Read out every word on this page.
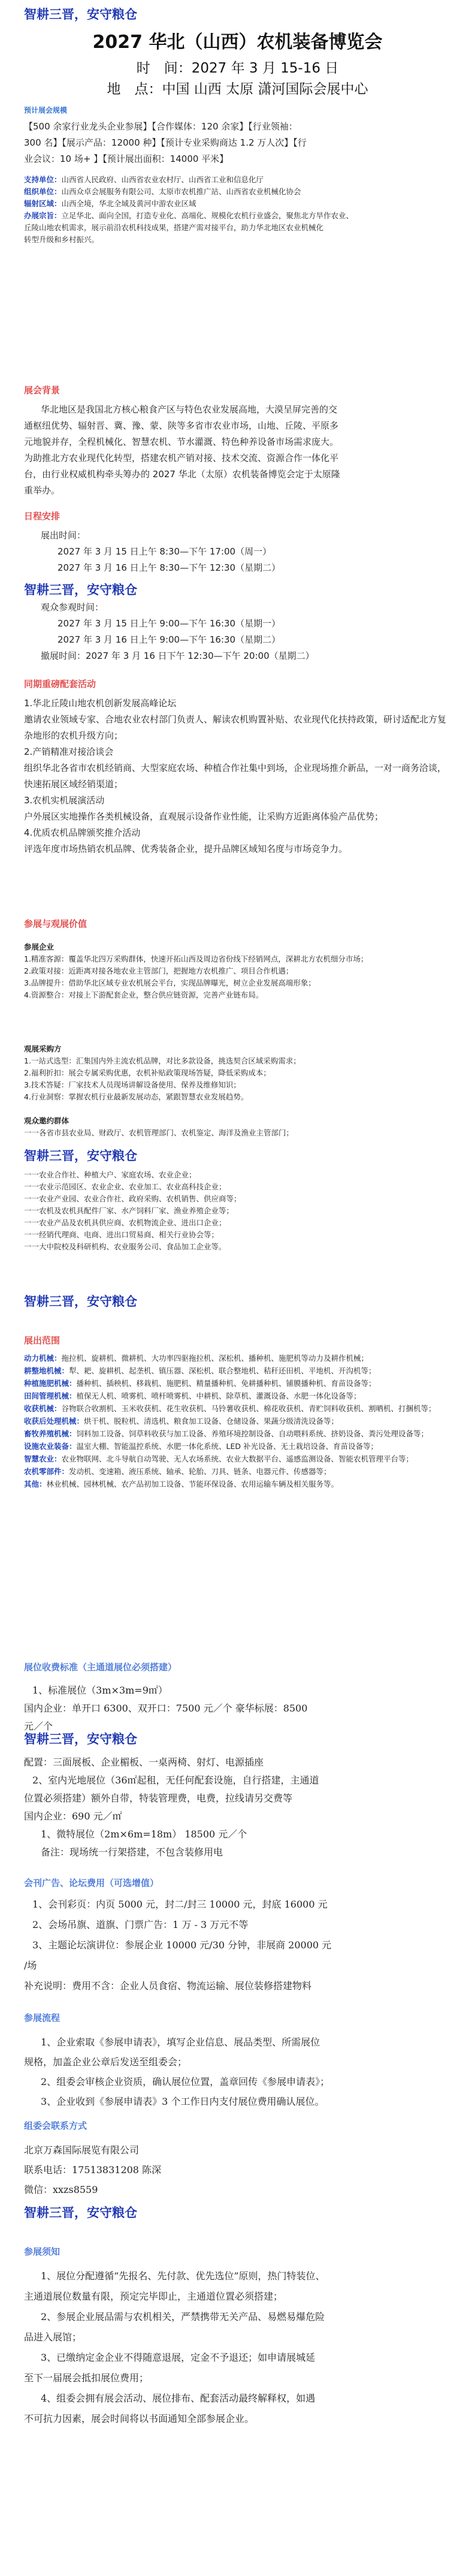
智耕三晋，安守粮仓
2027 华北（山西）农机装备博览会
时　间：2027 年 3 月 15-16 日
地　点：中国 山西 太原 潇河国际会展中心
预计展会规模
【500 余家行业龙头企业参展】【合作媒体：120 余家】【行业领袖：
300 名】【展示产品：12000 种】【预计专业采购商达 1.2 万人次】【行
业会议：10 场+ 】【预计展出面积：14000 平米】
支持单位：山西省人民政府、山西省农业农村厅、山西省工业和信息化厅
组织单位：山西众卓会展服务有限公司、太原市农机推广站、山西省农业机械化协会
辐射区域：山西全境，华北全域及黄河中游农业区域
办展宗旨：立足华北、面向全国，打造专业化、高端化、规模化农机行业盛会，聚焦北方旱作农业、
丘陵山地农机需求，展示前沿农机科技成果，搭建产需对接平台，助力华北地区农业机械化
转型升级和乡村振兴。
展会背景
华北地区是我国北方核心粮食产区与特色农业发展高地，大漠呈屏完善的交
通枢纽优势、辐射晋、冀、豫、蒙、陕等多省市农业市场，山地、丘陵、平原多
元地貌并存，全程机械化、智慧农机、节水灌溉、特色种养设备市场需求庞大。
为助推北方农业现代化转型，搭建农机产销对接、技术交流、资源合作一体化平
台，由行业权威机构牵头筹办的 2027 华北（太原）农机装备博览会定于太原隆
重举办。
日程安排
展出时间：
2027 年 3 月 15 日上午 8:30—下午 17:00（周一）
2027 年 3 月 16 日上午 8:30—下午 12:30（星期二）
智耕三晋，安守粮仓
观众参观时间：
2027 年 3 月 15 日上午 9:00—下午 16:30（星期一）
2027 年 3 月 16 日上午 9:00—下午 16:30（星期二）
撤展时间：2027 年 3 月 16 日下午 12:30—下午 20:00（星期二）
同期重磅配套活动
1.华北丘陵山地农机创新发展高峰论坛
邀请农业领域专家、合地农业农村部门负责人、解读农机购置补贴、农业现代化扶持政策，研讨适配北方复杂地形的农机升级方向；
2.产销精准对接洽谈会
组织华北各省市农机经销商、大型家庭农场、种植合作社集中到场，企业现场推介新品，一对一商务洽谈，快速拓展区域经销渠道；
3.农机实机展演活动
户外展区实地操作各类机械设备，直观展示设备作业性能，让采购方近距离体验产品优势；
4.优质农机品牌颁奖推介活动
评选年度市场热销农机品牌、优秀装备企业，提升品牌区域知名度与市场竞争力。
参展与观展价值
参展企业
1.精准客源：覆盖华北四万采购群体，快速开拓山西及周边省份线下经销网点，深耕北方农机细分市场；
2.政策对接：近距离对接各地农业主管部门，把握地方农机推广、项目合作机遇；
3.品牌提升：借助华北区域专业农机展会平台，实现品牌曝光，树立企业发展高端形象；
4.资源整合：对接上下游配套企业，整合供应链资源，完善产业链布局。
观展采购方
1.一站式选型：汇集国内外主流农机品牌，对比多款设备，挑选契合区域采购需求；
2.福利折扣：展会专属采购优惠，农机补贴政策现场答疑，降低采购成本；
3.技术答疑：厂家技术人员现场讲解设备使用、保养及维修知识；
4.行业洞察：掌握农机行业最新发展动态，紧跟智慧农业发展趋势。
观众邀约群体
一一各省市县农业局、财政厅、农机管理部门、农机鉴定、海洋及渔业主管部门；
智耕三晋，安守粮仓
一一农业合作社、种植大户、家庭农场、农业企业；
一一农业示范园区、农业企业、农业加工、农业高科技企业；
一一农业产业园、农业合作社、政府采购、农机销售、供应商等；
一一农机及农机具配件厂家、水产饲料厂家、渔业养殖企业等；
一一农业产品及农机具供应商、农机物流企业、进出口企业；
一一经销代理商、电商、进出口贸易商、相关行业协会等；
一一大中院校及科研机构、农业服务公司、食品加工企业等。
智耕三晋，安守粮仓
展出范围
动力机械：拖拉机、旋耕机、微耕机、大功率四驱拖拉机、深松机、播种机、施肥机等动力及耕作机械；
耕整地机械：犁、耙、旋耕机、起垄机、镇压器、深松机、联合整地机、秸秆还田机、平地机、开沟机等；
种植施肥机械：播种机、插秧机、移栽机、施肥机、精量播种机、免耕播种机、铺膜播种机、育苗设备等；
田间管理机械：植保无人机、喷雾机、喷杆喷雾机、中耕机、除草机、灌溉设备、水肥一体化设备等；
收获机械：谷物联合收割机、玉米收获机、花生收获机、马铃薯收获机、棉花收获机、青贮饲料收获机、割晒机、打捆机等；
收获后处理机械：烘干机、脱粒机、清选机、粮食加工设备、仓储设备、果蔬分级清洗设备等；
畜牧养殖机械：饲料加工设备、饲草料收获与加工设备、养殖环境控制设备、自动喂料系统、挤奶设备、粪污处理设备等；
设施农业装备：温室大棚、智能温控系统、水肥一体化系统、LED 补光设备、无土栽培设备、育苗设备等；
智慧农业：农业物联网、北斗导航自动驾驶、无人农场系统、农业大数据平台、遥感监测设备、智能农机管理平台等；
农机零部件：发动机、变速箱、液压系统、轴承、轮胎、刀具、链条、电器元件、传感器等；
其他：林业机械、园林机械、农产品初加工设备、节能环保设备、农用运输车辆及相关服务等。
展位收费标准（主通道展位必须搭建）
1、标准展位（3m×3m=9㎡）
国内企业：单开口 6300、双开口：7500 元／个 豪华标展：8500
元／个
智耕三晋，安守粮仓
配置：三面展板、企业楣板、一桌两椅、射灯、电源插座
2、室内光地展位（36㎡起租，无任何配套设施，自行搭建，主通道
位置必须搭建）额外自带，特装管理费，电费，拉线请另交费等
国内企业：690 元／㎡
1、微特展位（2m×6m=18m） 18500 元／个
备注：现场统一行架搭建，不包含装修用电
会刊广告、论坛费用（可选增值）
1、会刊彩页：内页 5000 元，封二/封三 10000 元，封底 16000 元
2、会场吊旗、道旗、门票广告：1 万 - 3 万元不等
3、主题论坛演讲位：参展企业 10000 元/30 分钟，非展商 20000 元
/场
补充说明：费用不含：企业人员食宿、物流运输、展位装修搭建物料
参展流程
1、企业索取《参展申请表》，填写企业信息、展品类型、所需展位
规格，加盖企业公章后发送至组委会；
2、组委会审核企业资质，确认展位位置，盖章回传《参展申请表》；
3、企业收到《参展申请表》3 个工作日内支付展位费用确认展位。
组委会联系方式
北京万森国际展览有限公司
联系电话：17513831208 陈深
微信：xxzs8559
智耕三晋，安守粮仓
参展须知
1、展位分配遵循“先报名、先付款、优先选位”原则，热门特装位、
主通道展位数量有限，预定完毕即止，主通道位置必须搭建；
2、参展企业展品需与农机相关，严禁携带无关产品、易燃易爆危险
品进入展馆；
3、已缴纳定金企业不得随意退展，定金不予退还；如申请展城延
至下一届展会抵扣展位费用；
4、组委会拥有展会活动、展位排布、配套活动最终解释权，如遇
不可抗力因素，展会时间将以书面通知全部参展企业。
